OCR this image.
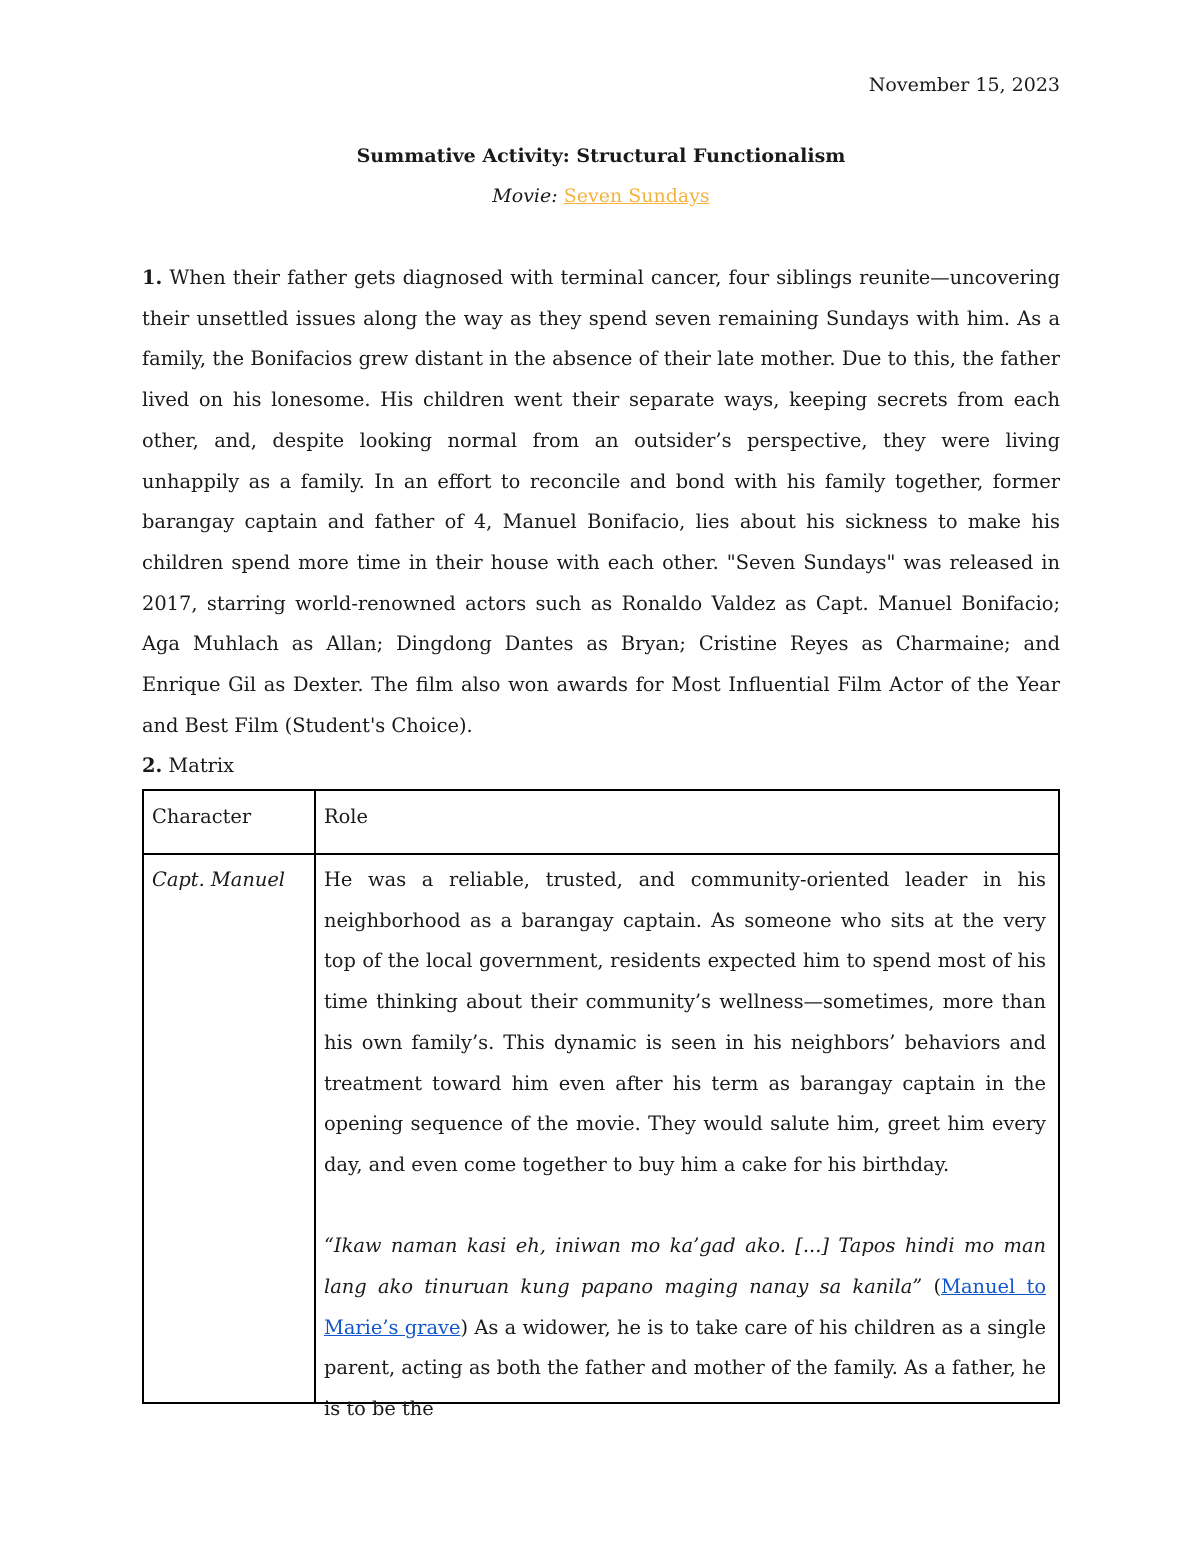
November 15, 2023

Summative Activity: Structural Functionalism

Movie: Seven Sundays

1. When their father gets diagnosed with terminal cancer, four siblings reunite—uncovering their unsettled issues along the way as they spend seven remaining Sundays with him. As a family, the Bonifacios grew distant in the absence of their late mother. Due to this, the father lived on his lonesome. His children went their separate ways, keeping secrets from each other, and, despite looking normal from an outsider’s perspective, they were living unhappily as a family. In an effort to reconcile and bond with his family together, former barangay captain and father of 4, Manuel Bonifacio, lies about his sickness to make his children spend more time in their house with each other. "Seven Sundays" was released in 2017, starring world-renowned actors such as Ronaldo Valdez as Capt. Manuel Bonifacio; Aga Muhlach as Allan; Dingdong Dantes as Bryan; Cristine Reyes as Charmaine; and Enrique Gil as Dexter. The film also won awards for Most Influential Film Actor of the Year and Best Film (Student's Choice).

2. Matrix

Character	Role

Capt. Manuel	He was a reliable, trusted, and community-oriented leader in his neighborhood as a barangay captain. As someone who sits at the very top of the local government, residents expected him to spend most of his time thinking about their community’s wellness—sometimes, more than his own family’s. This dynamic is seen in his neighbors’ behaviors and treatment toward him even after his term as barangay captain in the opening sequence of the movie. They would salute him, greet him every day, and even come together to buy him a cake for his birthday.
“Ikaw naman kasi eh, iniwan mo ka’gad ako. [...] Tapos hindi mo man lang ako tinuruan kung papano maging nanay sa kanila” (Manuel to Marie’s grave) As a widower, he is to take care of his children as a single parent, acting as both the father and mother of the family. As a father, he is to be the
